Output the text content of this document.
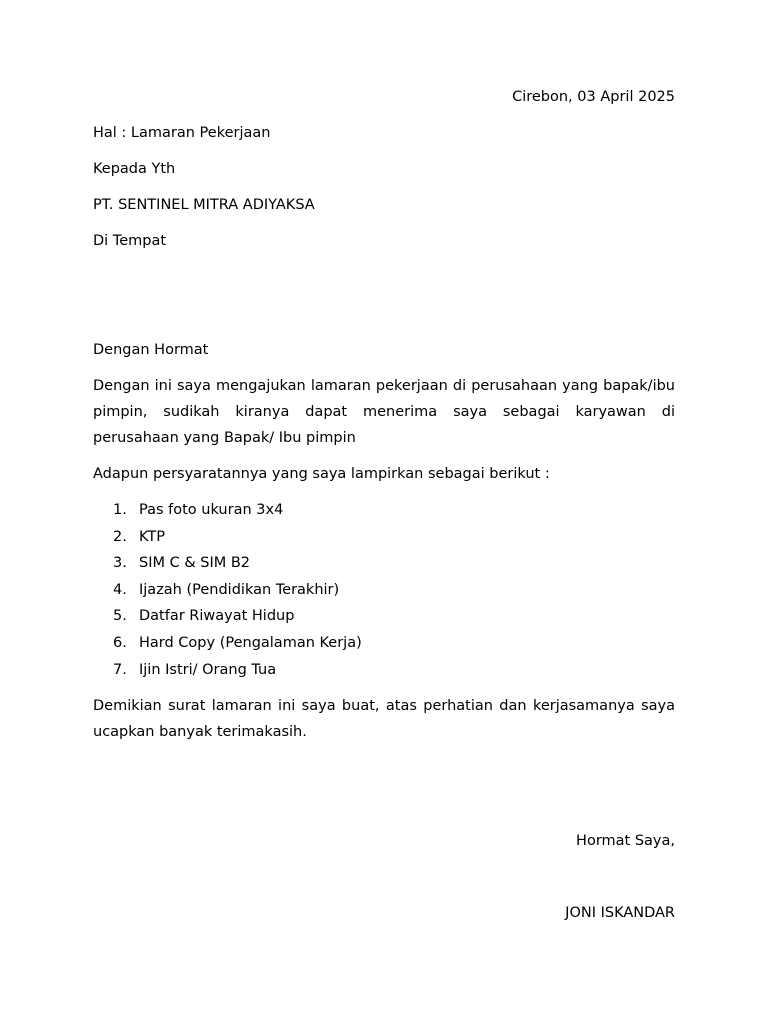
Cirebon, 03 April 2025

Hal : Lamaran Pekerjaan

Kepada Yth

PT. SENTINEL MITRA ADIYAKSA

Di Tempat

Dengan Hormat

Dengan ini saya mengajukan lamaran pekerjaan di perusahaan yang bapak/ibu pimpin, sudikah kiranya dapat menerima saya sebagai karyawan di perusahaan yang Bapak/ Ibu pimpin

Adapun persyaratannya yang saya lampirkan sebagai berikut :

1. Pas foto ukuran 3x4
2. KTP
3. SIM C & SIM B2
4. Ijazah (Pendidikan Terakhir)
5. Datfar Riwayat Hidup
6. Hard Copy (Pengalaman Kerja)
7. Ijin Istri/ Orang Tua

Demikian surat lamaran ini saya buat, atas perhatian dan kerjasamanya saya ucapkan banyak terimakasih.

Hormat Saya,

JONI ISKANDAR
